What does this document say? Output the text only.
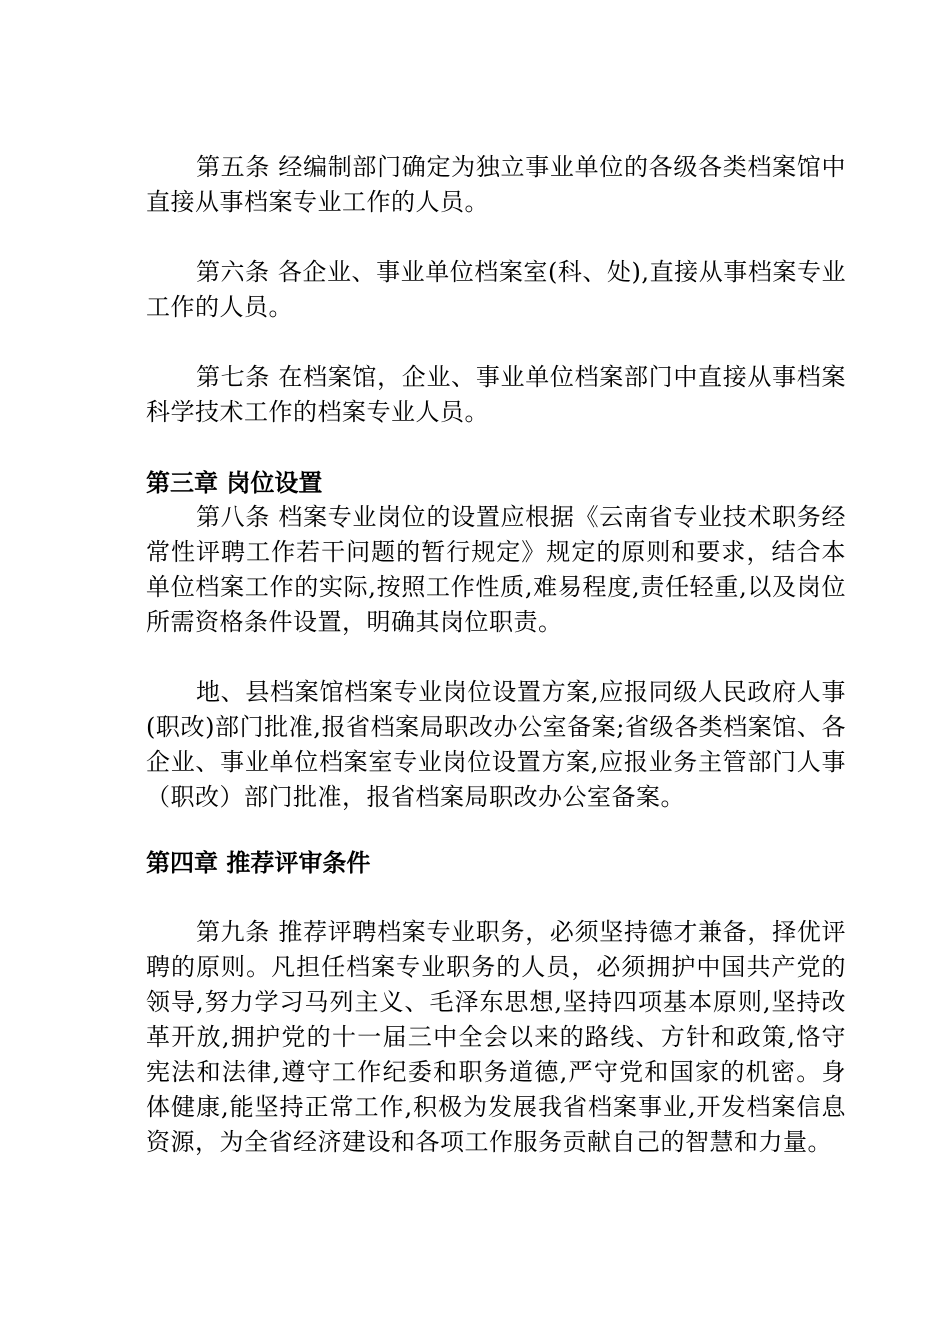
第五条 经编制部门确定为独立事业单位的各级各类档案馆中直接从事档案专业工作的人员。

第六条 各企业、事业单位档案室(科、处),直接从事档案专业工作的人员。

第七条 在档案馆，企业、事业单位档案部门中直接从事档案科学技术工作的档案专业人员。

第三章 岗位设置

第八条 档案专业岗位的设置应根据《云南省专业技术职务经常性评聘工作若干问题的暂行规定》规定的原则和要求，结合本单位档案工作的实际,按照工作性质,难易程度,责任轻重,以及岗位所需资格条件设置，明确其岗位职责。

地、县档案馆档案专业岗位设置方案,应报同级人民政府人事(职改)部门批准,报省档案局职改办公室备案;省级各类档案馆、各企业、事业单位档案室专业岗位设置方案,应报业务主管部门人事（职改）部门批准，报省档案局职改办公室备案。

第四章 推荐评审条件

第九条 推荐评聘档案专业职务，必须坚持德才兼备，择优评聘的原则。凡担任档案专业职务的人员，必须拥护中国共产党的领导,努力学习马列主义、毛泽东思想,坚持四项基本原则,坚持改革开放,拥护党的十一届三中全会以来的路线、方针和政策,恪守宪法和法律,遵守工作纪委和职务道德,严守党和国家的机密。身体健康,能坚持正常工作,积极为发展我省档案事业,开发档案信息资源，为全省经济建设和各项工作服务贡献自己的智慧和力量。
